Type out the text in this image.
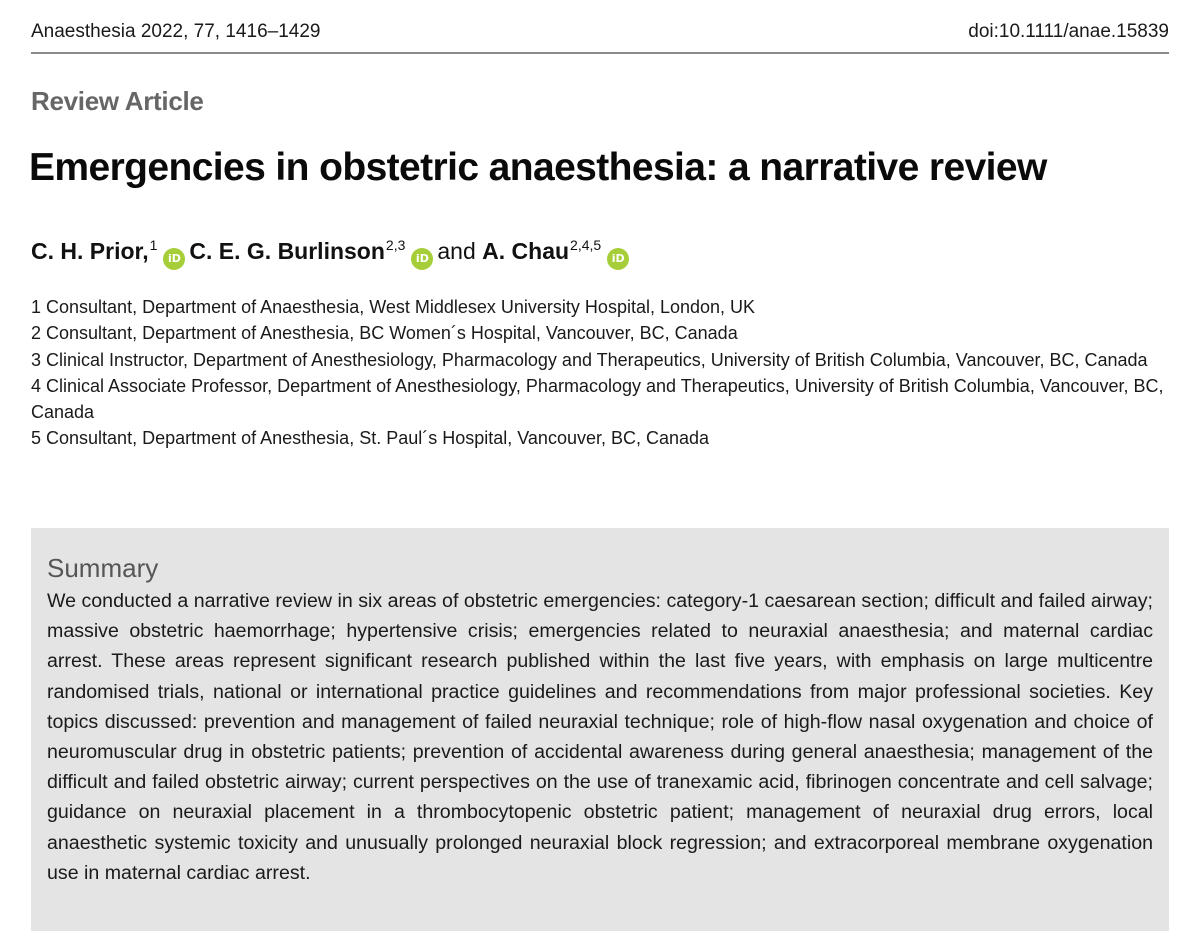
Anaesthesia 2022, 77, 1416–1429	doi:10.1111/anae.15839
Review Article
Emergencies in obstetric anaesthesia: a narrative review
C. H. Prior,$^1$iD C. E. G. Burlinson$^{2,3}$iD and A. Chau$^{2,4,5}$iD
1 Consultant, Department of Anaesthesia, West Middlesex University Hospital, London, UK
2 Consultant, Department of Anesthesia, BC Women´s Hospital, Vancouver, BC, Canada
3 Clinical Instructor, Department of Anesthesiology, Pharmacology and Therapeutics, University of British Columbia, Vancouver, BC, Canada
4 Clinical Associate Professor, Department of Anesthesiology, Pharmacology and Therapeutics, University of British Columbia, Vancouver, BC, Canada
5 Consultant, Department of Anesthesia, St. Paul´s Hospital, Vancouver, BC, Canada
Summary

We conducted a narrative review in six areas of obstetric emergencies: category-1 caesarean section; difficult and failed airway; massive obstetric haemorrhage; hypertensive crisis; emergencies related to neuraxial anaesthesia; and maternal cardiac arrest. These areas represent significant research published within the last five years, with emphasis on large multicentre randomised trials, national or international practice guidelines and recommendations from major professional societies. Key topics discussed: prevention and management of failed neuraxial technique; role of high-flow nasal oxygenation and choice of neuromuscular drug in obstetric patients; prevention of accidental awareness during general anaesthesia; management of the difficult and failed obstetric airway; current perspectives on the use of tranexamic acid, fibrinogen concentrate and cell salvage; guidance on neuraxial placement in a thrombocytopenic obstetric patient; management of neuraxial drug errors, local anaesthetic systemic toxicity and unusually prolonged neuraxial block regression; and extracorporeal membrane oxygenation use in maternal cardiac arrest.
